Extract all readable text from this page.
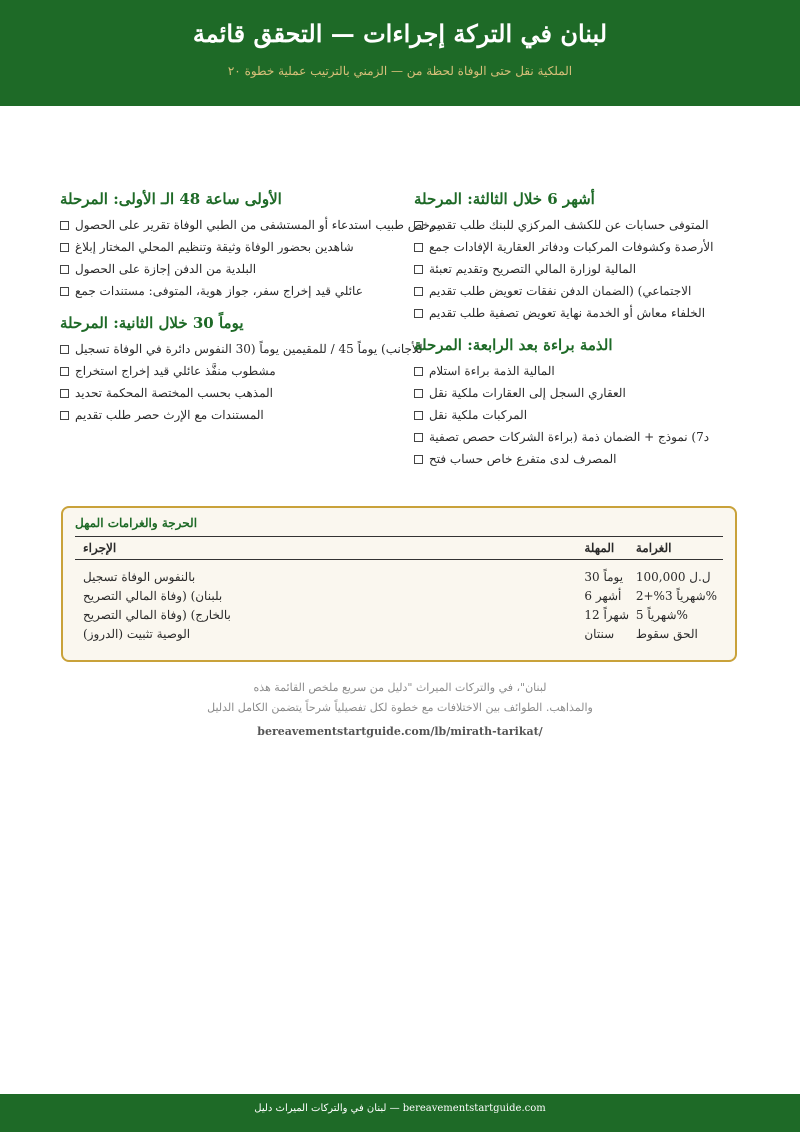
لبنان في التركة إجراءات — التحقق قائمة
الملكية نقل حتى الوفاة لحظة من — الزمني بالترتيب عملية خطوة ٢٠
الأولى ساعة 48 الـ الأولى: المرحلة
مرخص طبيب استدعاء أو المستشفى من الطبي الوفاة تقرير على الحصول
شاهدين بحضور الوفاة وثيقة وتنظيم المحلي المختار إبلاغ
البلدية من الدفن إجازة على الحصول
عائلي قيد إخراج سفر، جواز هوية، المتوفى: مستندات جمع
يوماً 30 خلال الثانية: المرحلة
للأجانب) يوماً 45 / للمقيمين يوماً (30 النفوس دائرة في الوفاة تسجيل
مشطوب منفَّذ عائلي قيد إخراج استخراج
المذهب بحسب المختصة المحكمة تحديد
المستندات مع الإرث حصر طلب تقديم
أشهر 6 خلال الثالثة: المرحلة
المتوفى حسابات عن للكشف المركزي للبنك طلب تقديم
الأرصدة وكشوفات المركبات ودفاتر العقارية الإفادات جمع
المالية لوزارة المالي التصريح وتقديم تعبئة
الاجتماعي) (الضمان الدفن نفقات تعويض طلب تقديم
الخلفاء معاش أو الخدمة نهاية تعويض تصفية طلب تقديم
الذمة براءة بعد الرابعة: المرحلة
المالية الذمة براءة استلام
العقاري السجل إلى العقارات ملكية نقل
المركبات ملكية نقل
د7) نموذج + الضمان ذمة (براءة الشركات حصص تصفية
المصرف لدى متفرع خاص حساب فتح
الحرجة والغرامات المهل
الإجراء	المهلة	الغرامة
بالنفوس الوفاة تسجيل	يوماً 30	100,000 ل.ل
بلبنان) (وفاة المالي التصريح	أشهر 6	شهرياً 3%+2%
بالخارج) (وفاة المالي التصريح	شهراً 12	شهرياً 5%
(الدروز) الوصية تثبيت	سنتان	الحق سقوط

لبنان"، في والتركات الميراث "دليل من سريع ملخص القائمة هذه

والمذاهب. الطوائف بين الاختلافات مع خطوة لكل تفصيلياً شرحاً يتضمن الكامل الدليل

bereavementstartguide.com/lb/mirath-tarikat/

لبنان في والتركات الميراث دليل — bereavementstartguide.com
